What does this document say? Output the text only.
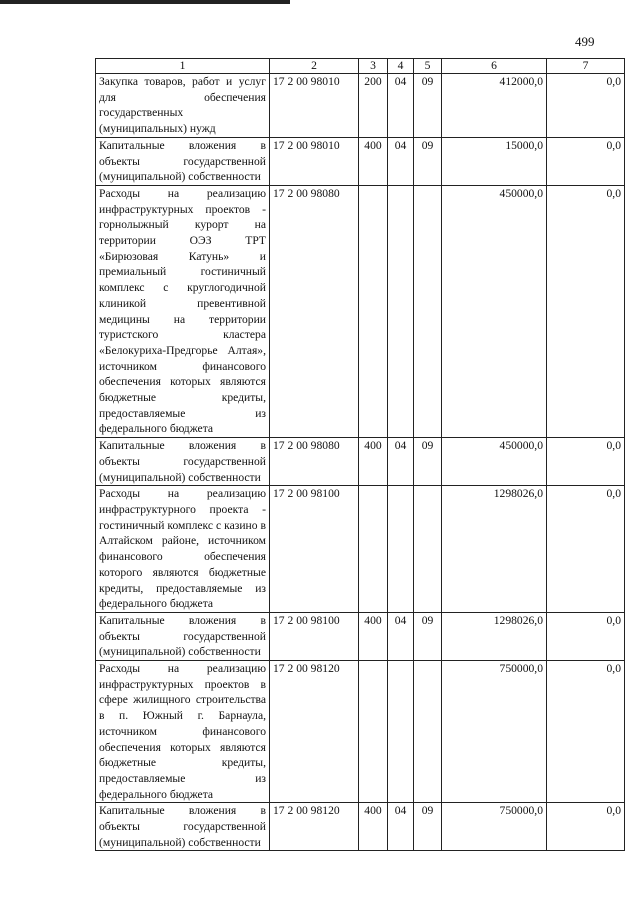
499
1	2	3	4	5	6	7
Закупка товаров, работ и услуг для обеспечения государственных (муниципальных) нужд	17 2 00 98010	200	04	09	412000,0	0,0
Капитальные вложения в объекты государственной (муниципальной) собственности	17 2 00 98010	400	04	09	15000,0	0,0
Расходы на реализацию инфраструктурных проектов - горнолыжный курорт на территории ОЭЗ ТРТ «Бирюзовая Катунь» и премиальный гостиничный комплекс с круглогодичной клиникой превентивной медицины на территории туристского кластера «Белокуриха-Предгорье Алтая», источником финансового обеспечения которых являются бюджетные кредиты, предоставляемые из федерального бюджета	17 2 00 98080				450000,0	0,0
Капитальные вложения в объекты государственной (муниципальной) собственности	17 2 00 98080	400	04	09	450000,0	0,0
Расходы на реализацию инфраструктурного проекта - гостиничный комплекс с казино в Алтайском районе, источником финансового обеспечения которого являются бюджетные кредиты, предоставляемые из федерального бюджета	17 2 00 98100				1298026,0	0,0
Капитальные вложения в объекты государственной (муниципальной) собственности	17 2 00 98100	400	04	09	1298026,0	0,0
Расходы на реализацию инфраструктурных проектов в сфере жилищного строительства в п. Южный г. Барнаула, источником финансового обеспечения которых являются бюджетные кредиты, предоставляемые из федерального бюджета	17 2 00 98120				750000,0	0,0
Капитальные вложения в объекты государственной (муниципальной) собственности	17 2 00 98120	400	04	09	750000,0	0,0
